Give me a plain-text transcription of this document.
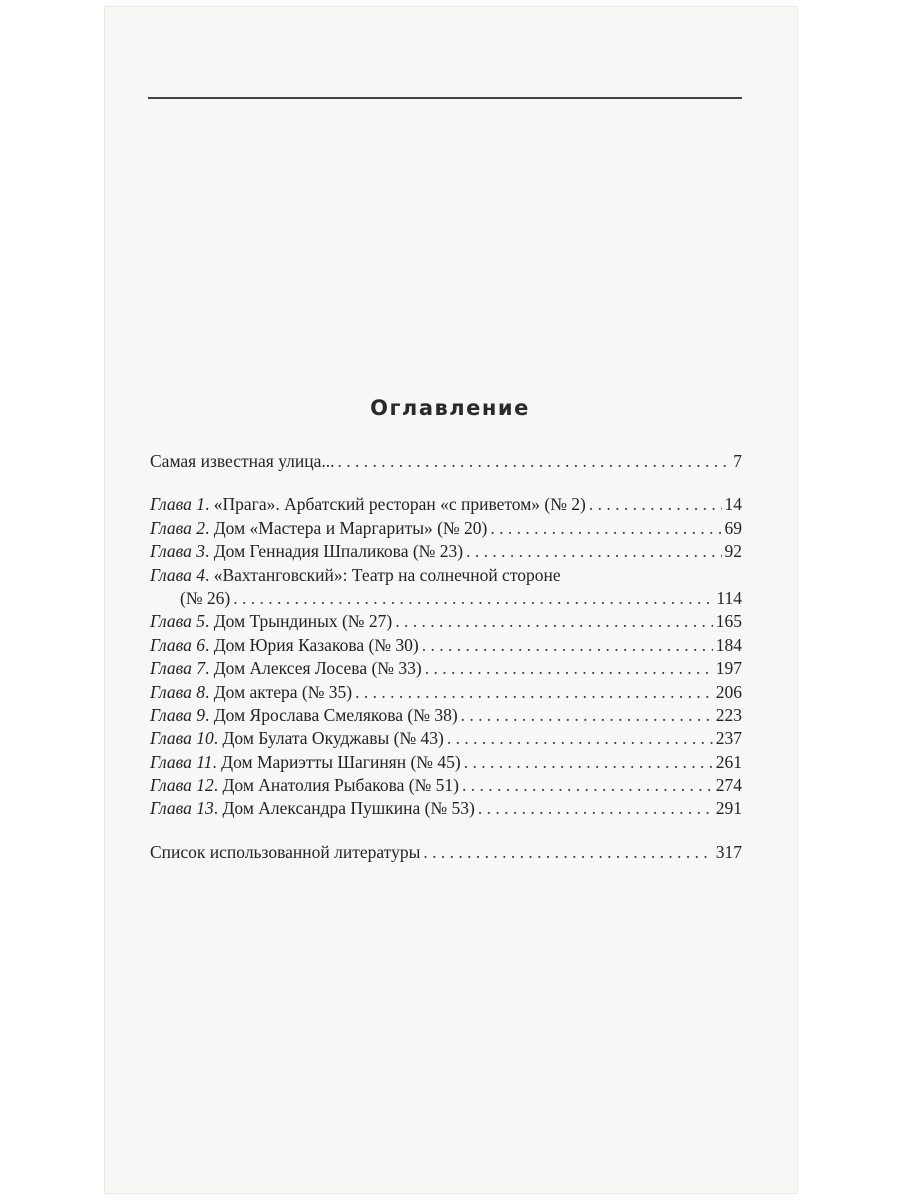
Оглавление
Самая известная улица... . . .	7
Глава 1. «Прага». Арбатский ресторан «с приветом» (№ 2) . . .	14
Глава 2. Дом «Мастера и Маргариты» (№ 20) . . .	69
Глава 3. Дом Геннадия Шпаликова (№ 23) . . .	92
Глава 4. «Вахтанговский»: Театр на солнечной стороне
(№ 26) . . .	114
Глава 5. Дом Трындиных (№ 27) . . .	165
Глава 6. Дом Юрия Казакова (№ 30) . . .	184
Глава 7. Дом Алексея Лосева (№ 33) . . .	197
Глава 8. Дом актера (№ 35) . . .	206
Глава 9. Дом Ярослава Смелякова (№ 38) . . .	223
Глава 10. Дом Булата Окуджавы (№ 43) . . .	237
Глава 11. Дом Мариэтты Шагинян (№ 45) . . .	261
Глава 12. Дом Анатолия Рыбакова (№ 51) . . .	274
Глава 13. Дом Александра Пушкина (№ 53) . . .	291
Список использованной литературы . . .	317
